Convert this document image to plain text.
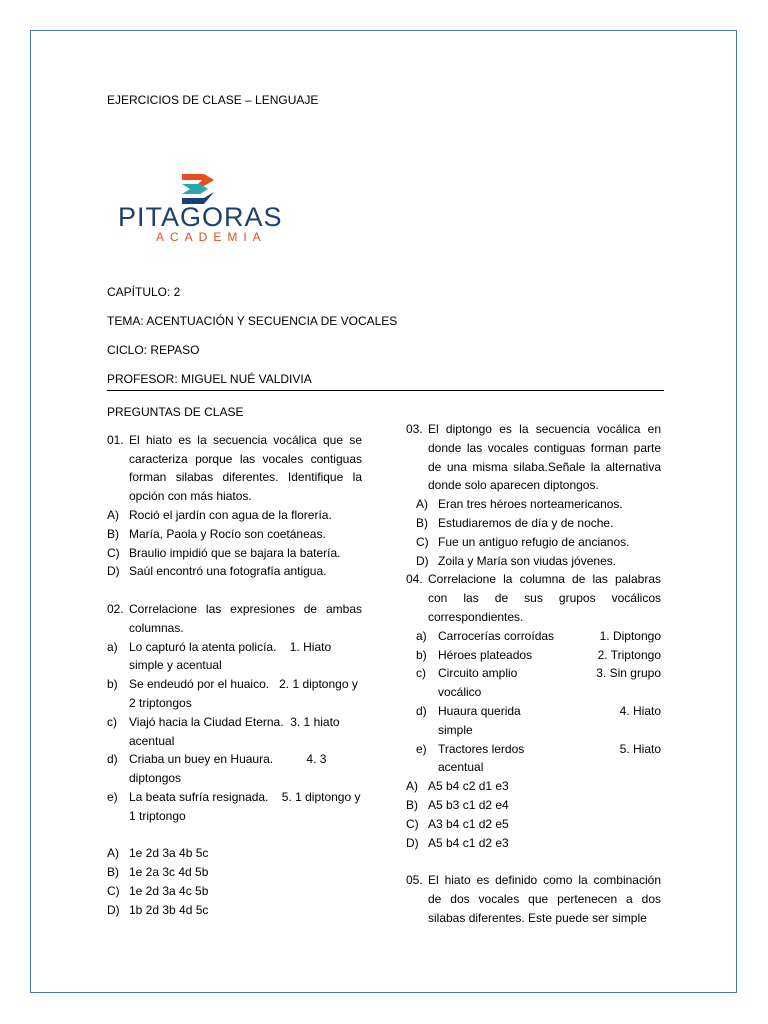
EJERCICIOS DE CLASE – LENGUAJE
PITAGORAS
ACADEMIA
CAPÍTULO: 2
TEMA: ACENTUACIÓN Y SECUENCIA DE VOCALES
CICLO: REPASO
PROFESOR: MIGUEL NUÉ VALDIVIA
PREGUNTAS DE CLASE
01. El hiato es la secuencia vocálica que se caracteriza porque las vocales contiguas forman silabas diferentes. Identifique la opción con más hiatos.
A) Roció el jardín con agua de la florería.
B) María, Paola y Rocío son coetáneas.
C) Braulio impidió que se bajara la batería.
D) Saúl encontró una fotografía antigua.
02. Correlacione las expresiones de ambas columnas.
a) Lo capturó la atenta policía.    1. Hiato simple y acentual
b) Se endeudó por el huaico.   2. 1 diptongo y 2 triptongos
c) Viajó hacia la Ciudad Eterna.  3. 1 hiato acentual
d) Criaba un buey en Huaura.          4. 3 diptongos
e) La beata sufría resignada.    5. 1 diptongo y 1 triptongo
A) 1e 2d 3a 4b 5c
B) 1e 2a 3c 4d 5b
C) 1e 2d 3a 4c 5b
D) 1b 2d 3b 4d 5c
03. El diptongo es la secuencia vocálica en donde las vocales contiguas forman parte de una misma silaba.Señale la alternativa donde solo aparecen diptongos.
A) Eran tres héroes norteamericanos.
B) Estudiaremos de día y de noche.
C) Fue un antiguo refugio de ancianos.
D) Zoila y María son viudas jóvenes.
04. Correlacione la columna de las palabras con las de sus grupos vocálicos correspondientes.
a) Carrocerías corroídas	1. Diptongo
b) Héroes plateados	2. Triptongo
c) Circuito amplio	3. Sin grupo

vocálico
d) Huaura querida	4. Hiato

simple
e) Tractores lerdos	5. Hiato

acentual
A) A5 b4 c2 d1 e3
B) A5 b3 c1 d2 e4
C) A3 b4 c1 d2 e5
D) A5 b4 c1 d2 e3
05. El hiato es definido como la combinación de dos vocales que pertenecen a dos silabas diferentes. Este puede ser simple
